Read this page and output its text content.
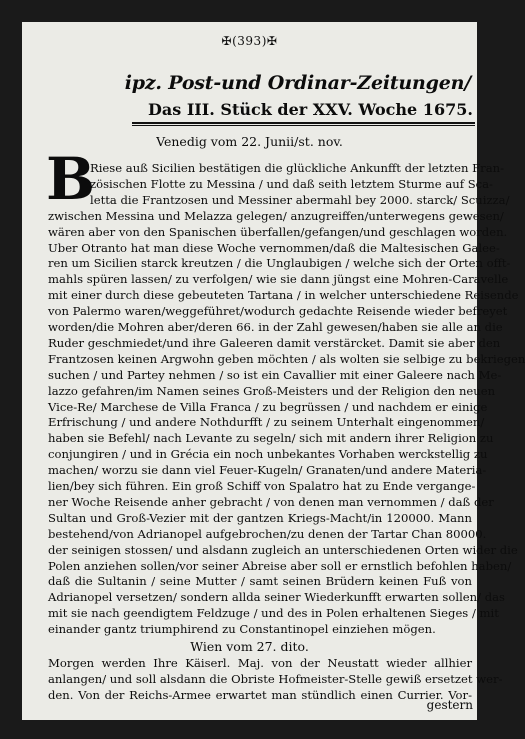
✠(393)✠
ipz. Post-und Ordinar-Zeitungen/
Das III. Stück der XXV. Woche 1675.
Venedig vom 22. Junii/st. nov.
B
Riese auß Sicilien bestätigen die glückliche Ankunfft der letzten Fran-
zösischen Flotte zu Messina / und daß seith letztem Sturme auf Sca-
letta die Frantzosen und Messiner abermahl bey 2000. starck/ Scuizza/
zwischen Messina und Melazza gelegen/ anzugreiffen/unterwegens gewesen/
wären aber von den Spanischen überfallen/gefangen/und geschlagen worden.
Uber Otranto hat man diese Woche vernommen/daß die Maltesischen Galee-
ren um Sicilien starck kreutzen / die Unglaubigen / welche sich der Orten offt-
mahls spüren lassen/ zu verfolgen/ wie sie dann jüngst eine Mohren-Caravelle
mit einer durch diese gebeuteten Tartana / in welcher unterschiedene Reisende
von Palermo waren/weggeführet/wodurch gedachte Reisende wieder befreyet
worden/die Mohren aber/deren 66. in der Zahl gewesen/haben sie alle an die
Ruder geschmiedet/und ihre Galeeren damit verstärcket. Damit sie aber den
Frantzosen keinen Argwohn geben möchten / als wolten sie selbige zu bekriegen
suchen / und Partey nehmen / so ist ein Cavallier mit einer Galeere nach Me-
lazzo gefahren/im Namen seines Groß-Meisters und der Religion den neuen
Vice-Re/ Marchese de Villa Franca / zu begrüssen / und nachdem er einige
Erfrischung / und andere Nothdurfft / zu seinem Unterhalt eingenommen/
haben sie Befehl/ nach Levante zu segeln/ sich mit andern ihrer Religion zu
conjungiren / und in Grécia ein noch unbekantes Vorhaben werckstellig zu
machen/ worzu sie dann viel Feuer-Kugeln/ Granaten/und andere Materia-
lien/bey sich führen. Ein groß Schiff von Spalatro hat zu Ende vergange-
ner Woche Reisende anher gebracht / von denen man vernommen / daß der
Sultan und Groß-Vezier mit der gantzen Kriegs-Macht/in 120000. Mann
bestehend/von Adrianopel aufgebrochen/zu denen der Tartar Chan 80000.
der seinigen stossen/ und alsdann zugleich an unterschiedenen Orten wider die
Polen anziehen sollen/vor seiner Abreise aber soll er ernstlich befohlen haben/
daß die Sultanin / seine Mutter / samt seinen Brüdern keinen Fuß von
Adrianopel versetzen/ sondern allda seiner Wiederkunfft erwarten sollen/ das
mit sie nach geendigtem Feldzuge / und des in Polen erhaltenen Sieges / mit
einander gantz triumphirend zu Constantinopel einziehen mögen.
Wien vom 27. dito.
Morgen werden Ihre Käiserl. Maj. von der Neustatt wieder allhier
anlangen/ und soll alsdann die Obriste Hofmeister-Stelle gewiß ersetzet wer-
den. Von der Reichs-Armee erwartet man stündlich einen Currier. Vor-
gestern
